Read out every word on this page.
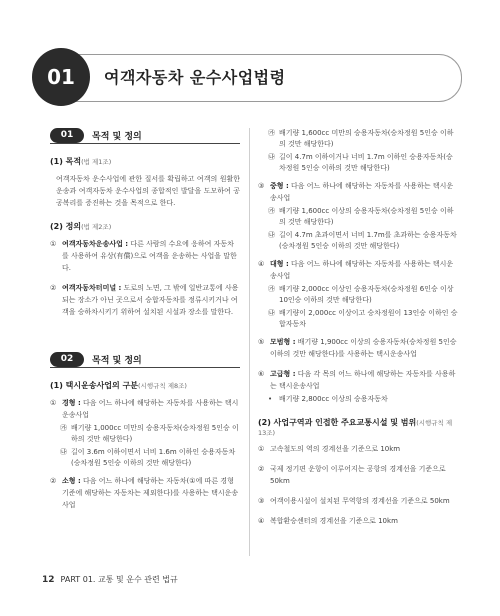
01	여객자동차 운수사업법령
01	목적 및 정의
(1) 목적(법 제1조)
여객자동차 운수사업에 관한 질서를 확립하고 여객의 원활한 운송과 여객자동차 운수사업의 종합적인 발달을 도모하여 공공복리를 증진하는 것을 목적으로 한다.
(2) 정의(법 제2조)
① 여객자동차운송사업 : 다른 사람의 수요에 응하여 자동차를 사용하여 유상(有償)으로 여객을 운송하는 사업을 말한다.
② 여객자동차터미널 : 도로의 노면, 그 밖에 일반교통에 사용되는 장소가 아닌 곳으로서 승합자동차를 정류시키거나 여객을 승하차시키기 위하여 설치된 시설과 장소를 말한다.
02	목적 및 정의
(1) 택시운송사업의 구분(시행규칙 제8조)
① 경형 : 다음 어느 하나에 해당하는 자동차를 사용하는 택시운송사업
㉮ 배기량 1,000cc 미만의 승용자동차(승차정원 5인승 이하의 것만 해당한다)
㉯ 길이 3.6m 이하이면서 너비 1.6m 이하인 승용자동차(승차정원 5인승 이하의 것만 해당한다)
② 소형 : 다음 어느 하나에 해당하는 자동차(①에 따른 경형 기준에 해당하는 자동차는 제외한다)를 사용하는 택시운송사업
㉮ 배기량 1,600cc 미만의 승용자동차(승차정원 5인승 이하의 것만 해당한다)
㉯ 길이 4.7m 이하이거나 너비 1.7m 이하인 승용자동차(승차정원 5인승 이하의 것만 해당한다)
③ 중형 : 다음 어느 하나에 해당하는 자동차를 사용하는 택시운송사업
㉮ 배기량 1,600cc 이상의 승용자동차(승차정원 5인승 이하의 것만 해당한다)
㉯ 길이 4.7m 초과이면서 너비 1.7m를 초과하는 승용자동차(승차정원 5인승 이하의 것만 해당한다)
④ 대형 : 다음 어느 하나에 해당하는 자동차를 사용하는 택시운송사업
㉮ 배기량 2,000cc 이상인 승용자동차(승차정원 6인승 이상 10인승 이하의 것만 해당한다)
㉯ 배기량이 2,000cc 이상이고 승차정원이 13인승 이하인 승합자동차
⑤ 모범형 : 배기량 1,900cc 이상의 승용자동차(승차정원 5인승 이하의 것만 해당한다)를 사용하는 택시운송사업
⑥ 고급형 : 다음 각 목의 어느 하나에 해당하는 자동차를 사용하는 택시운송사업
• 배기량 2,800cc 이상의 승용자동차
(2) 사업구역과 인접한 주요교통시설 및 범위(시행규칙 제13조)
① 고속철도의 역의 경계선을 기준으로 10km
② 국제 정기편 운항이 이루어지는 공항의 경계선을 기준으로 50km
③ 여객이용시설이 설치된 무역항의 경계선을 기준으로 50km
④ 복합환승센터의 경계선을 기준으로 10km
12 PART 01. 교통 및 운수 관련 법규
